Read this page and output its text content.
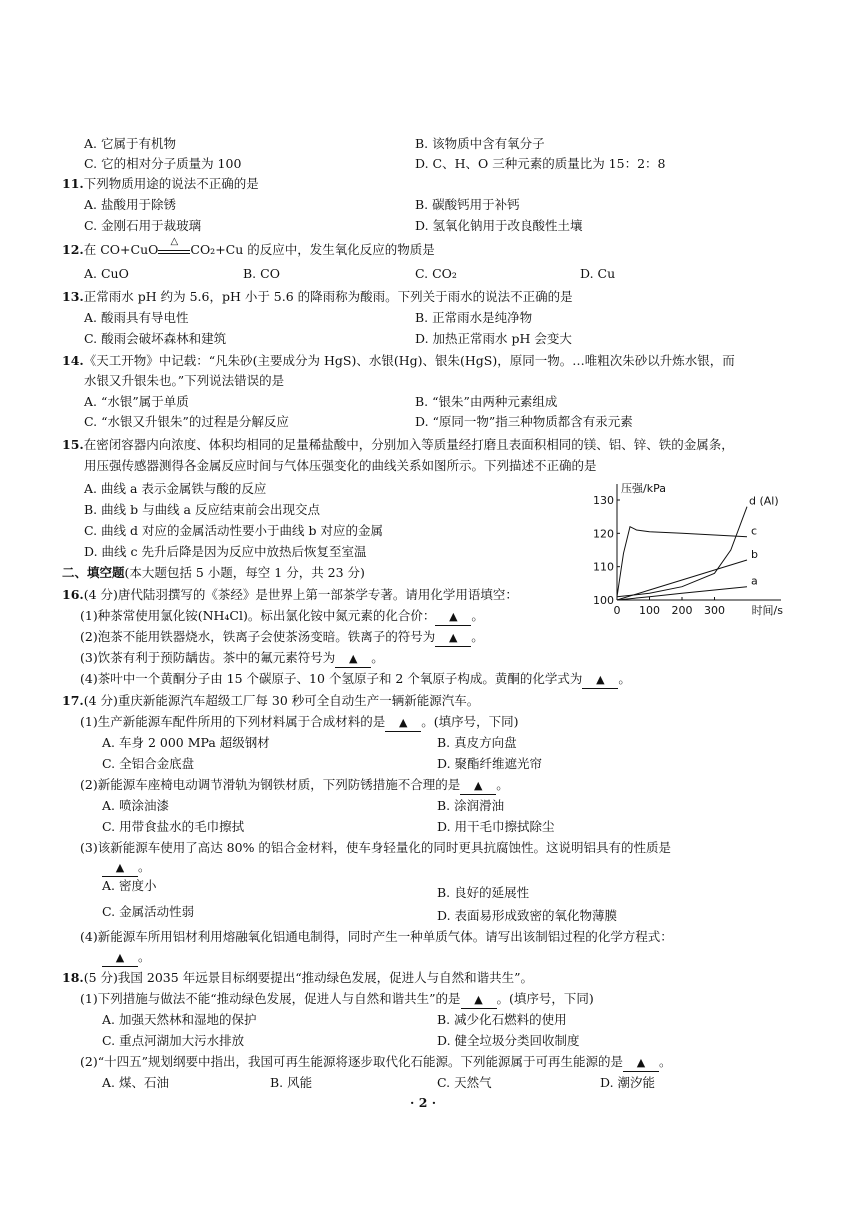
A. 它属于有机物	B. 该物质中含有氧分子
C. 它的相对分子质量为 100	D. C、H、O 三种元素的质量比为 15：2：8
11.下列物质用途的说法不正确的是
A. 盐酸用于除锈	B. 碳酸钙用于补钙
C. 金刚石用于裁玻璃	D. 氢氧化钠用于改良酸性土壤
12.在 CO+CuO
△
CO₂+Cu 的反应中，发生氧化反应的物质是
A. CuO	B. CO	C. CO₂	D. Cu
13.正常雨水 pH 约为 5.6，pH 小于 5.6 的降雨称为酸雨。下列关于雨水的说法不正确的是
A. 酸雨具有导电性	B. 正常雨水是纯净物
C. 酸雨会破坏森林和建筑	D. 加热正常雨水 pH 会变大
14.《天工开物》中记载：“凡朱砂(主要成分为 HgS)、水银(Hg)、银朱(HgS)，原同一物。…唯粗次朱砂以升炼水银，而
水银又升银朱也。”下列说法错误的是
A. “水银”属于单质	B. “银朱”由两种元素组成
C. “水银又升银朱”的过程是分解反应	D. “原同一物”指三种物质都含有汞元素
15.在密闭容器内向浓度、体积均相同的足量稀盐酸中，分别加入等质量经打磨且表面积相同的镁、铝、锌、铁的金属条，
用压强传感器测得各金属反应时间与气体压强变化的曲线关系如图所示。下列描述不正确的是
A. 曲线 a 表示金属铁与酸的反应
B. 曲线 b 与曲线 a 反应结束前会出现交点
C. 曲线 d 对应的金属活动性要小于曲线 b 对应的金属
D. 曲线 c 先升后降是因为反应中放热后恢复至室温
100
110
120
130
0 100 200 300
压强/kPa
时间/s
a
b
c
d (Al)
二、填空题(本大题包括 5 小题，每空 1 分，共 23 分)
16.(4 分)唐代陆羽撰写的《茶经》是世界上第一部茶学专著。请用化学用语填空：
(1)种茶常使用氯化铵(NH₄Cl)。标出氯化铵中氮元素的化合价： ▲ 。
(2)泡茶不能用铁器烧水，铁离子会使茶汤变暗。铁离子的符号为 ▲ 。
(3)饮茶有利于预防龋齿。茶中的氟元素符号为 ▲ 。
(4)茶叶中一个黄酮分子由 15 个碳原子、10 个氢原子和 2 个氧原子构成。黄酮的化学式为 ▲ 。
17.(4 分)重庆新能源汽车超级工厂每 30 秒可全自动生产一辆新能源汽车。
(1)生产新能源车配件所用的下列材料属于合成材料的是 ▲ 。(填序号，下同)
A. 车身 2 000 MPa 超级钢材	B. 真皮方向盘
C. 全铝合金底盘	D. 聚酯纤维遮光帘
(2)新能源车座椅电动调节滑轨为钢铁材质，下列防锈措施不合理的是 ▲ 。
A. 喷涂油漆	B. 涂润滑油
C. 用带食盐水的毛巾擦拭	D. 用干毛巾擦拭除尘
(3)该新能源车使用了高达 80% 的铝合金材料，使车身轻量化的同时更具抗腐蚀性。这说明铝具有的性质是
▲ 。
A. 密度小	B. 良好的延展性
C. 金属活动性弱	D. 表面易形成致密的氧化物薄膜
(4)新能源车所用铝材利用熔融氧化铝通电制得，同时产生一种单质气体。请写出该制铝过程的化学方程式：
▲ 。
18.(5 分)我国 2035 年远景目标纲要提出“推动绿色发展，促进人与自然和谐共生”。
(1)下列措施与做法不能“推动绿色发展，促进人与自然和谐共生”的是 ▲ 。(填序号，下同)
A. 加强天然林和湿地的保护	B. 减少化石燃料的使用
C. 重点河湖加大污水排放	D. 健全垃圾分类回收制度
(2)“十四五”规划纲要中指出，我国可再生能源将逐步取代化石能源。下列能源属于可再生能源的是 ▲ 。
A. 煤、石油	B. 风能	C. 天然气	D. 潮汐能
· 2 ·
